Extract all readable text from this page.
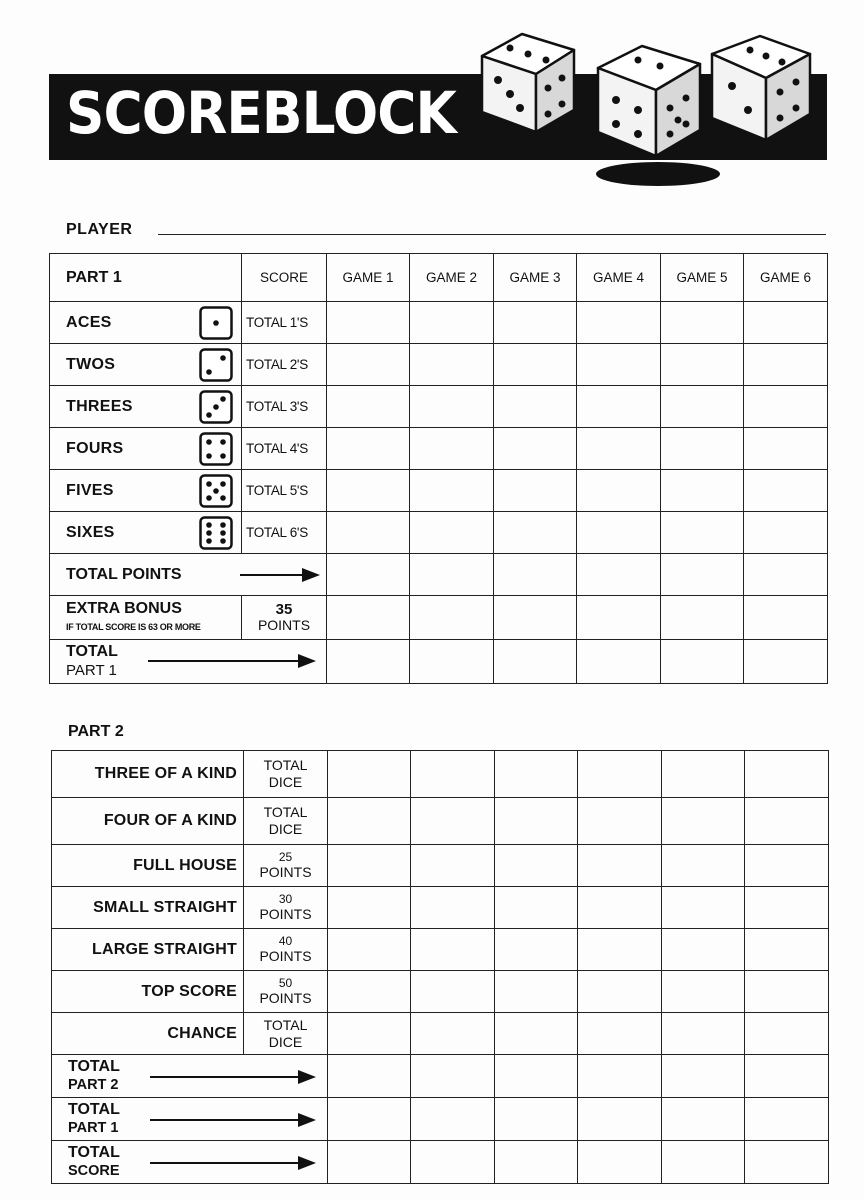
SCOREBLOCK
PLAYER
PART 1	SCORE	GAME 1	GAME 2	GAME 3	GAME 4	GAME 5	GAME 6

ACES	TOTAL 1'S						

TWOS	TOTAL 2'S						

THREES	TOTAL 3'S						

FOURS	TOTAL 4'S						

FIVES	TOTAL 5'S						

SIXES	TOTAL 6'S						

TOTAL POINTS							

EXTRA BONUS
IF TOTAL SCORE IS 63 OR MORE	35
POINTS						

TOTAL
PART 1							

PART 2
THREE OF A KIND	TOTAL
DICE						

FOUR OF A KIND	TOTAL
DICE						

FULL HOUSE	25
POINTS						

SMALL STRAIGHT	30
POINTS						

LARGE STRAIGHT	40
POINTS						

TOP SCORE	50
POINTS						

CHANCE	TOTAL
DICE						

TOTAL
PART 2							

TOTAL
PART 1							

TOTAL
SCORE							
